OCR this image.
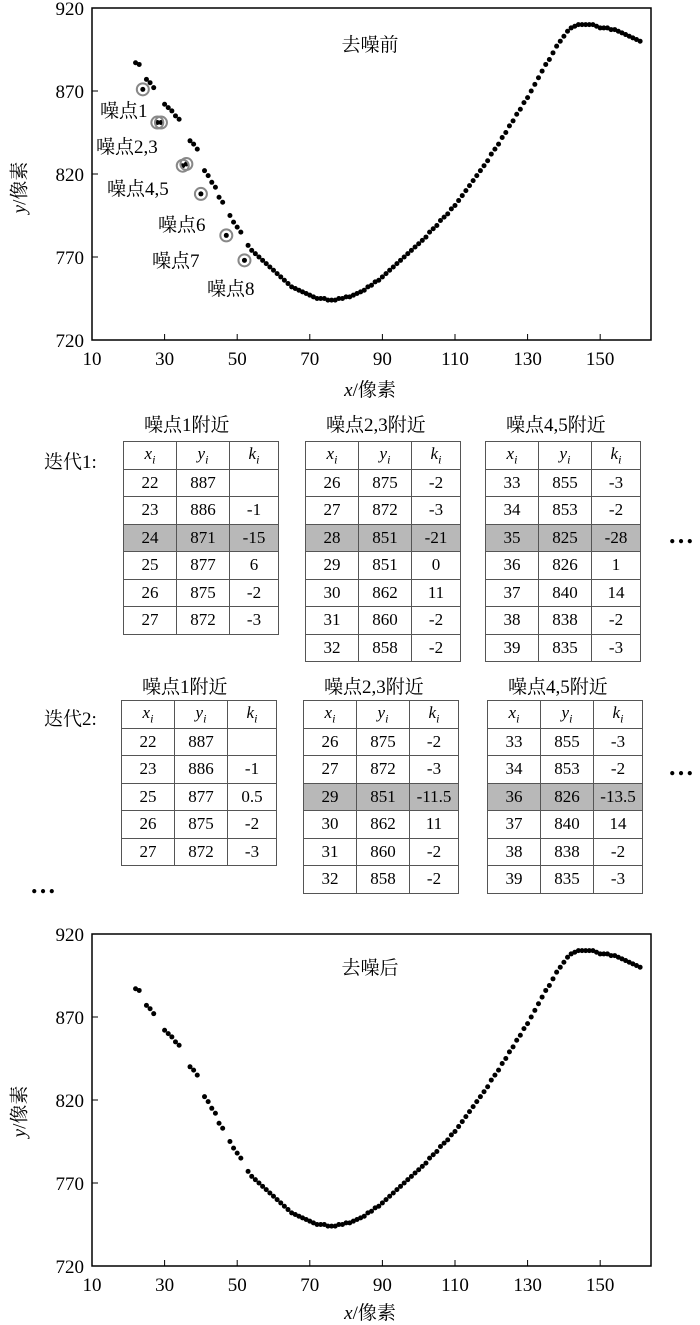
10	30	50	70	90	110 130 150
720
770
820
870
920
去噪前
x/像素
y/像素
噪点1
噪点2,3
噪点4,5
噪点6
噪点7
噪点8
迭代1:
迭代2:
…
…
…
噪点1附近
$x_i$	$y_i$	$k_i$
22	887	
23	886	-1
24	871	-15
25	877	6
26	875	-2
27	872	-3
噪点2,3附近
$x_i$	$y_i$	$k_i$
26	875	-2
27	872	-3
28	851	-21
29	851	0
30	862	11
31	860	-2
32	858	-2
噪点4,5附近
$x_i$	$y_i$	$k_i$
33	855	-3
34	853	-2
35	825	-28
36	826	1
37	840	14
38	838	-2
39	835	-3
噪点1附近
$x_i$	$y_i$	$k_i$
22	887	
23	886	-1
25	877	0.5
26	875	-2
27	872	-3
噪点2,3附近
$x_i$	$y_i$	$k_i$
26	875	-2
27	872	-3
29	851	-11.5
30	862	11
31	860	-2
32	858	-2
噪点4,5附近
$x_i$	$y_i$	$k_i$
33	855	-3
34	853	-2
36	826	-13.5
37	840	14
38	838	-2
39	835	-3
10	30	50	70	90	110 130 150
720
770
820
870
920
去噪后
x/像素
y/像素
